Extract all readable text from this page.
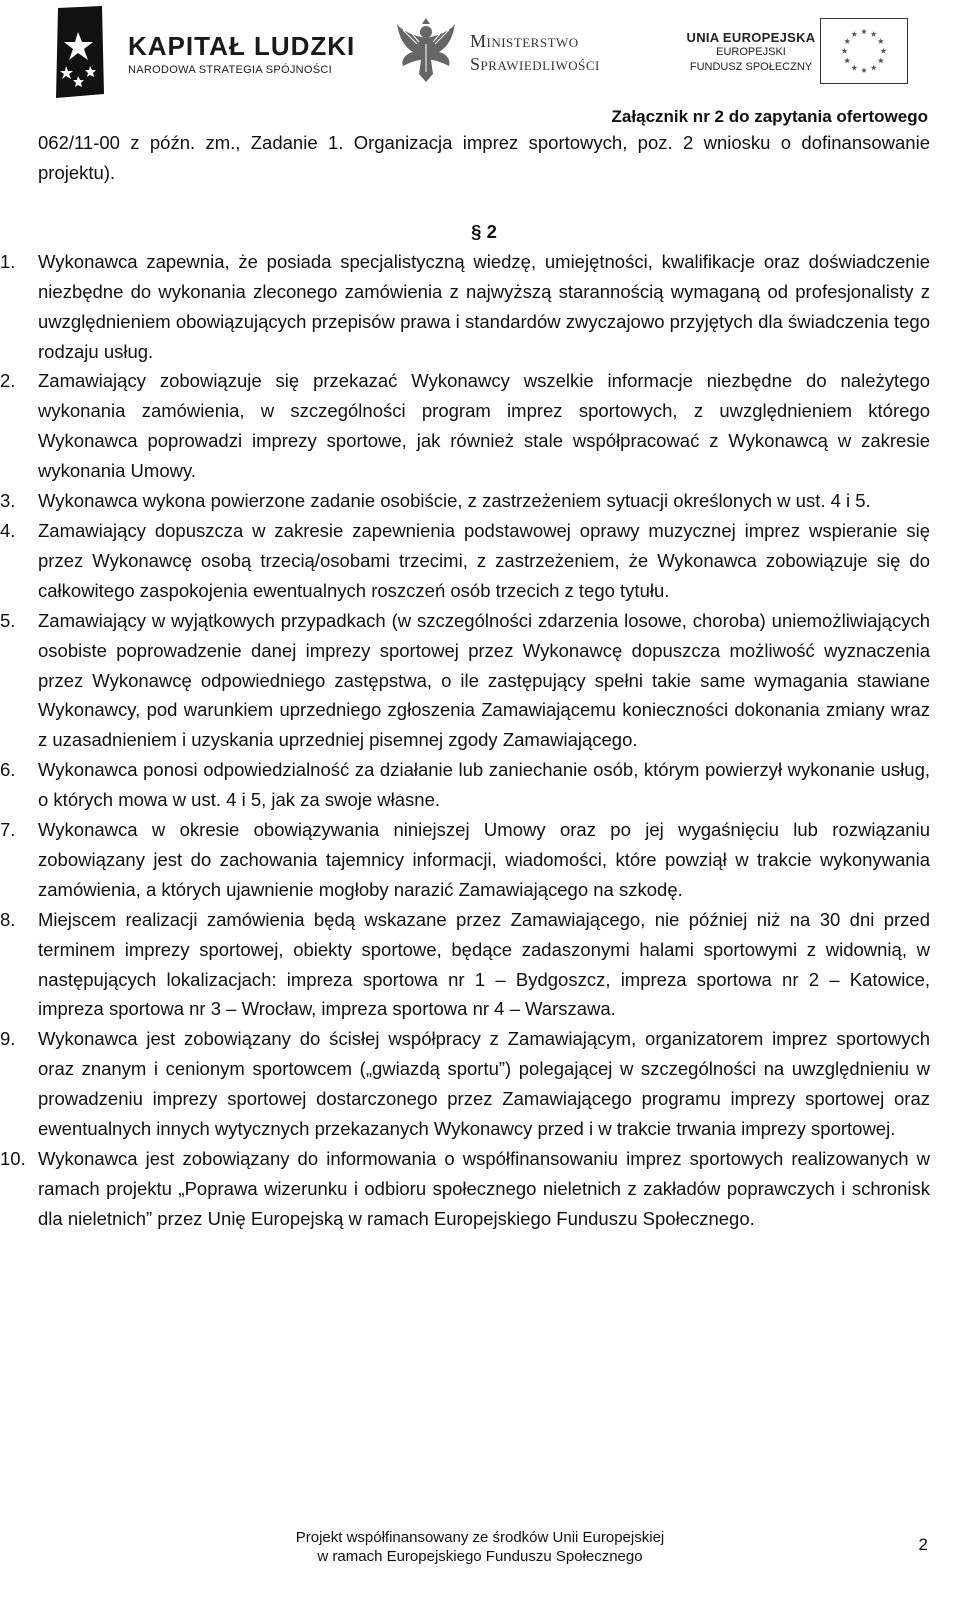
KAPITAŁ LUDZKI
NARODOWA STRATEGIA SPÓJNOŚCI
Ministerstwo
Sprawiedliwości
UNIA EUROPEJSKA
EUROPEJSKI
FUNDUSZ SPOŁECZNY
Załącznik nr 2 do zapytania ofertowego

062/11-00 z późn. zm., Zadanie 1. Organizacja imprez sportowych, poz. 2 wniosku o dofinansowanie projektu).

§ 2
1.	Wykonawca zapewnia, że posiada specjalistyczną wiedzę, umiejętności, kwalifikacje oraz doświadczenie niezbędne do wykonania zleconego zamówienia z najwyższą starannością wymaganą od profesjonalisty z uwzględnieniem obowiązujących przepisów prawa i standardów zwyczajowo przyjętych dla świadczenia tego rodzaju usług.
2.	Zamawiający zobowiązuje się przekazać Wykonawcy wszelkie informacje niezbędne do należytego wykonania zamówienia, w szczególności program imprez sportowych, z uwzględnieniem którego Wykonawca poprowadzi imprezy sportowe, jak również stale współpracować z Wykonawcą w zakresie wykonania Umowy.
3.	Wykonawca wykona powierzone zadanie osobiście, z zastrzeżeniem sytuacji określonych w ust. 4 i 5.
4.	Zamawiający dopuszcza w zakresie zapewnienia podstawowej oprawy muzycznej imprez wspieranie się przez Wykonawcę osobą trzecią/osobami trzecimi, z zastrzeżeniem, że Wykonawca zobowiązuje się do całkowitego zaspokojenia ewentualnych roszczeń osób trzecich z tego tytułu.
5.	Zamawiający w wyjątkowych przypadkach (w szczególności zdarzenia losowe, choroba) uniemożliwiających osobiste poprowadzenie danej imprezy sportowej przez Wykonawcę dopuszcza możliwość wyznaczenia przez Wykonawcę odpowiedniego zastępstwa, o ile zastępujący spełni takie same wymagania stawiane Wykonawcy, pod warunkiem uprzedniego zgłoszenia Zamawiającemu konieczności dokonania zmiany wraz z uzasadnieniem i uzyskania uprzedniej pisemnej zgody Zamawiającego.
6.	Wykonawca ponosi odpowiedzialność za działanie lub zaniechanie osób, którym powierzył wykonanie usług, o których mowa w ust. 4 i 5, jak za swoje własne.
7.	Wykonawca w okresie obowiązywania niniejszej Umowy oraz po jej wygaśnięciu lub rozwiązaniu zobowiązany jest do zachowania tajemnicy informacji, wiadomości, które powziął w trakcie wykonywania zamówienia, a których ujawnienie mogłoby narazić Zamawiającego na szkodę.
8.	Miejscem realizacji zamówienia będą wskazane przez Zamawiającego, nie później niż na 30 dni przed terminem imprezy sportowej, obiekty sportowe, będące zadaszonymi halami sportowymi z widownią, w następujących lokalizacjach: impreza sportowa nr 1 – Bydgoszcz, impreza sportowa nr 2 – Katowice, impreza sportowa nr 3 – Wrocław, impreza sportowa nr 4 – Warszawa.
9.	Wykonawca jest zobowiązany do ścisłej współpracy z Zamawiającym, organizatorem imprez sportowych oraz znanym i cenionym sportowcem („gwiazdą sportu”) polegającej w szczególności na uwzględnieniu w prowadzeniu imprezy sportowej dostarczonego przez Zamawiającego programu imprezy sportowej oraz ewentualnych innych wytycznych przekazanych Wykonawcy przed i w trakcie trwania imprezy sportowej.
10. Wykonawca jest zobowiązany do informowania o współfinansowaniu imprez sportowych realizowanych w ramach projektu „Poprawa wizerunku i odbioru społecznego nieletnich z zakładów poprawczych i schronisk dla nieletnich” przez Unię Europejską w ramach Europejskiego Funduszu Społecznego.
Projekt współfinansowany ze środków Unii Europejskiej
w ramach Europejskiego Funduszu Społecznego
2
